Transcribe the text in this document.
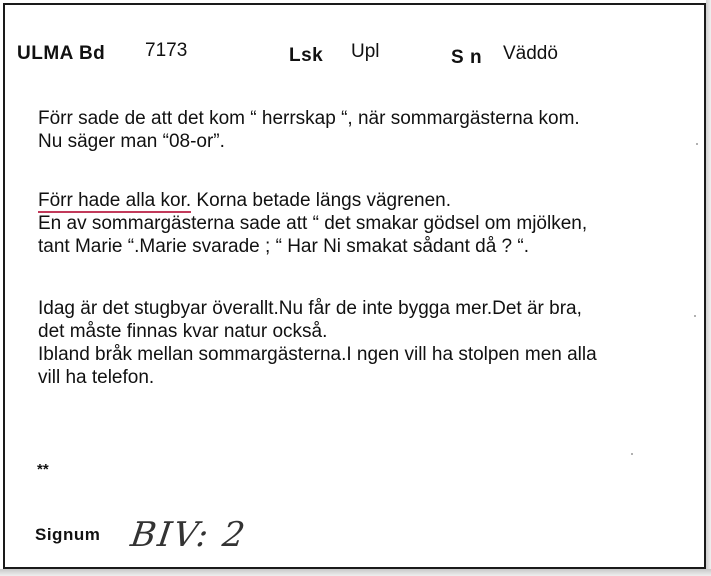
ULMA Bd 7173	Lsk Upl	S n Väddö
Förr sade de att det kom “ herrskap “, när sommargästerna kom.
Nu säger man “08-or”.
Förr hade alla kor. Korna betade längs vägrenen.
En av sommargästerna sade att “ det smakar gödsel om mjölken,
tant Marie “.Marie svarade ; “ Har Ni smakat sådant då ? “.
Idag är det stugbyar överallt.Nu får de inte bygga mer.Det är bra,
det måste finnas kvar natur också.
Ibland bråk mellan sommargästerna.I ngen vill ha stolpen men alla
vill ha telefon.
**
Signum BIV: 2
